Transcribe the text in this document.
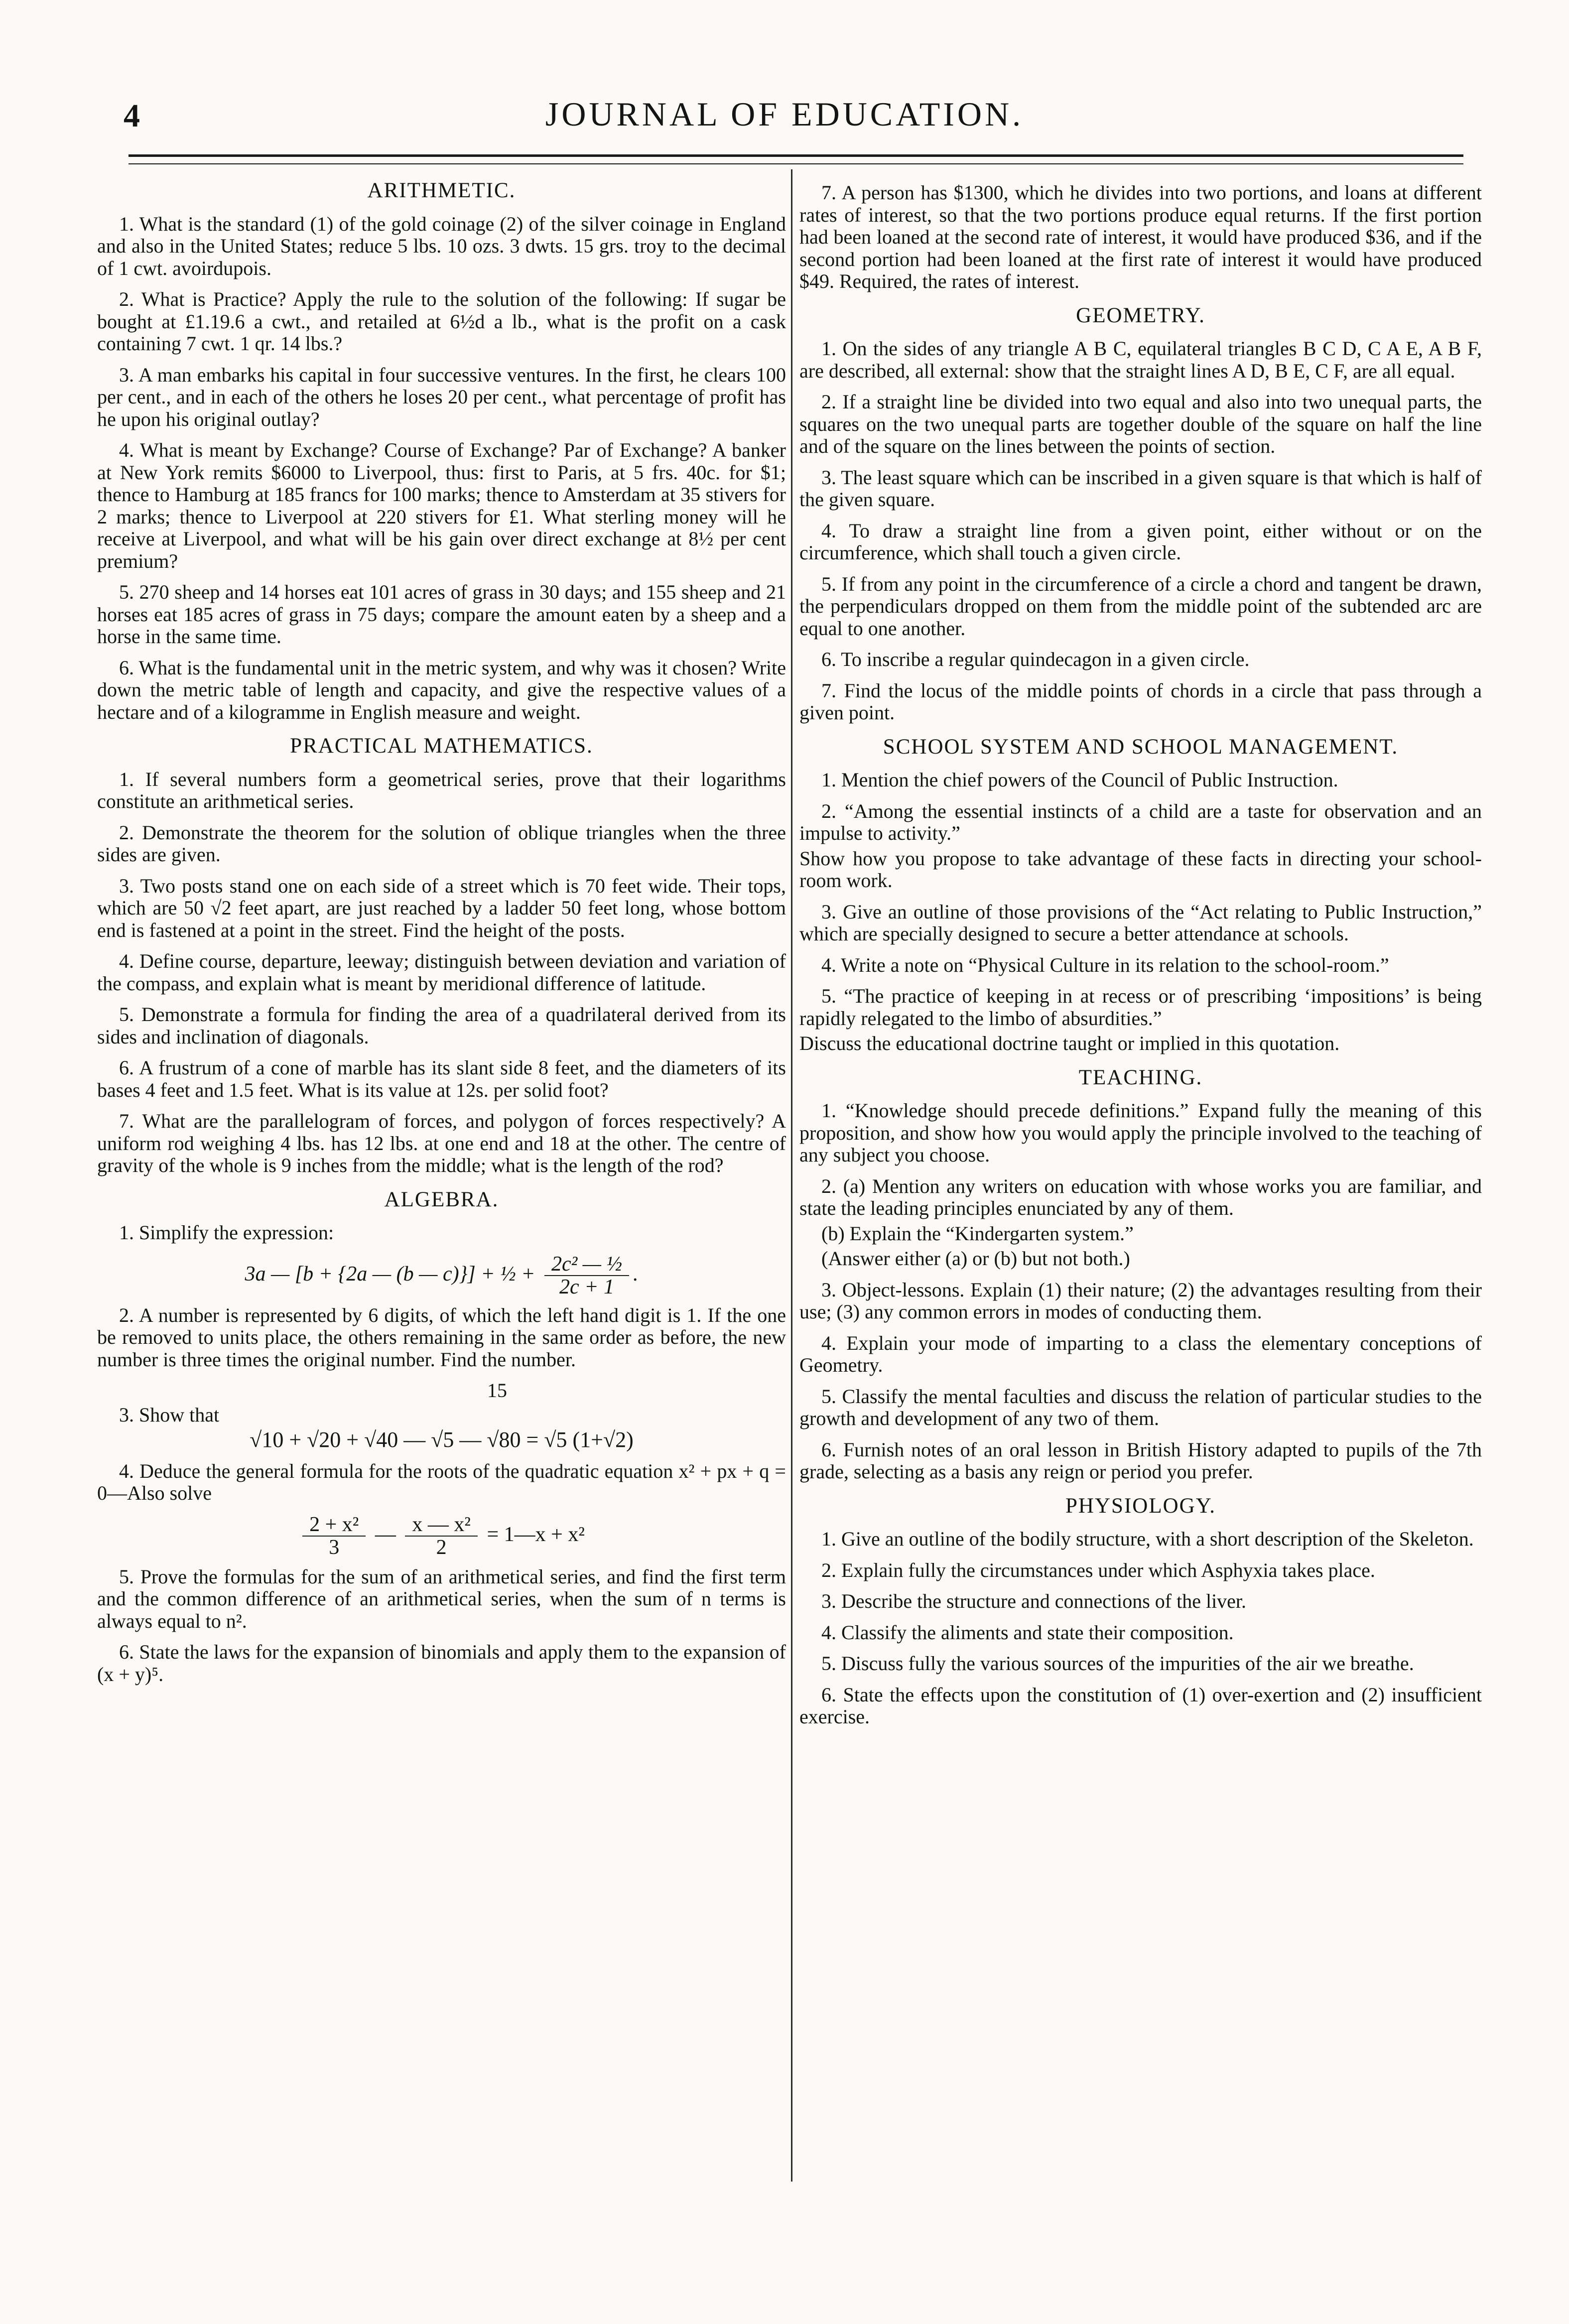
4	JOURNAL OF EDUCATION.
ARITHMETIC.

1. What is the standard (1) of the gold coinage (2) of the silver coinage in England and also in the United States; reduce 5 lbs. 10 ozs. 3 dwts. 15 grs. troy to the decimal of 1 cwt. avoirdupois.

2. What is Practice? Apply the rule to the solution of the following: If sugar be bought at £1.19.6 a cwt., and retailed at 6½d a lb., what is the profit on a cask containing 7 cwt. 1 qr. 14 lbs.?

3. A man embarks his capital in four successive ventures. In the first, he clears 100 per cent., and in each of the others he loses 20 per cent., what percentage of profit has he upon his original outlay?

4. What is meant by Exchange? Course of Exchange? Par of Exchange? A banker at New York remits $6000 to Liverpool, thus: first to Paris, at 5 frs. 40c. for $1; thence to Hamburg at 185 francs for 100 marks; thence to Amsterdam at 35 stivers for 2 marks; thence to Liverpool at 220 stivers for £1. What sterling money will he receive at Liverpool, and what will be his gain over direct exchange at 8½ per cent premium?

5. 270 sheep and 14 horses eat 101 acres of grass in 30 days; and 155 sheep and 21 horses eat 185 acres of grass in 75 days; compare the amount eaten by a sheep and a horse in the same time.

6. What is the fundamental unit in the metric system, and why was it chosen? Write down the metric table of length and capacity, and give the respective values of a hectare and of a kilogramme in English measure and weight.

PRACTICAL MATHEMATICS.

1. If several numbers form a geometrical series, prove that their logarithms constitute an arithmetical series.

2. Demonstrate the theorem for the solution of oblique triangles when the three sides are given.

3. Two posts stand one on each side of a street which is 70 feet wide. Their tops, which are 50 √2 feet apart, are just reached by a ladder 50 feet long, whose bottom end is fastened at a point in the street. Find the height of the posts.

4. Define course, departure, leeway; distinguish between deviation and variation of the compass, and explain what is meant by meridional difference of latitude.

5. Demonstrate a formula for finding the area of a quadrilateral derived from its sides and inclination of diagonals.

6. A frustrum of a cone of marble has its slant side 8 feet, and the diameters of its bases 4 feet and 1.5 feet. What is its value at 12s. per solid foot?

7. What are the parallelogram of forces, and polygon of forces respectively? A uniform rod weighing 4 lbs. has 12 lbs. at one end and 18 at the other. The centre of gravity of the whole is 9 inches from the middle; what is the length of the rod?

ALGEBRA.

1. Simplify the expression:

3a — [b + {2a — (b — c)}] + ½ + $\frac{\text{2c² — ½}}{2c + 1}$ .

2. A number is represented by 6 digits, of which the left hand digit is 1. If the one be removed to units place, the others remaining in the same order as before, the new number is three times the original number. Find the number.

15

3. Show that

√10 + √20 + √40 — √5 — √80 = √5 (1+√2)

4. Deduce the general formula for the roots of the quadratic equation x² + px + q = 0—Also solve

$\frac{\text{2 + x²}}{3}$ — $\frac{\text{x — x²}}{2}$ = 1—x + x²

5. Prove the formulas for the sum of an arithmetical series, and find the first term and the common difference of an arithmetical series, when the sum of n terms is always equal to n².

6. State the laws for the expansion of binomials and apply them to the expansion of (x + y)⁵.

7. A person has $1300, which he divides into two portions, and loans at different rates of interest, so that the two portions produce equal returns. If the first portion had been loaned at the second rate of interest, it would have produced $36, and if the second portion had been loaned at the first rate of interest it would have produced $49. Required, the rates of interest.

GEOMETRY.

1. On the sides of any triangle A B C, equilateral triangles B C D, C A E, A B F, are described, all external: show that the straight lines A D, B E, C F, are all equal.

2. If a straight line be divided into two equal and also into two unequal parts, the squares on the two unequal parts are together double of the square on half the line and of the square on the lines between the points of section.

3. The least square which can be inscribed in a given square is that which is half of the given square.

4. To draw a straight line from a given point, either without or on the circumference, which shall touch a given circle.

5. If from any point in the circumference of a circle a chord and tangent be drawn, the perpendiculars dropped on them from the middle point of the subtended arc are equal to one another.

6. To inscribe a regular quindecagon in a given circle.

7. Find the locus of the middle points of chords in a circle that pass through a given point.

SCHOOL SYSTEM AND SCHOOL MANAGEMENT.

1. Mention the chief powers of the Council of Public Instruction.

2. “Among the essential instincts of a child are a taste for observation and an impulse to activity.”

Show how you propose to take advantage of these facts in directing your school-room work.

3. Give an outline of those provisions of the “Act relating to Public Instruction,” which are specially designed to secure a better attendance at schools.

4. Write a note on “Physical Culture in its relation to the school-room.”

5. “The practice of keeping in at recess or of prescribing ‘impositions’ is being rapidly relegated to the limbo of absurdities.”

Discuss the educational doctrine taught or implied in this quotation.

TEACHING.

1. “Knowledge should precede definitions.” Expand fully the meaning of this proposition, and show how you would apply the principle involved to the teaching of any subject you choose.

2. (a) Mention any writers on education with whose works you are familiar, and state the leading principles enunciated by any of them.

(b) Explain the “Kindergarten system.”

(Answer either (a) or (b) but not both.)

3. Object-lessons. Explain (1) their nature; (2) the advantages resulting from their use; (3) any common errors in modes of conducting them.

4. Explain your mode of imparting to a class the elementary conceptions of Geometry.

5. Classify the mental faculties and discuss the relation of particular studies to the growth and development of any two of them.

6. Furnish notes of an oral lesson in British History adapted to pupils of the 7th grade, selecting as a basis any reign or period you prefer.

PHYSIOLOGY.

1. Give an outline of the bodily structure, with a short description of the Skeleton.

2. Explain fully the circumstances under which Asphyxia takes place.

3. Describe the structure and connections of the liver.

4. Classify the aliments and state their composition.

5. Discuss fully the various sources of the impurities of the air we breathe.

6. State the effects upon the constitution of (1) over-exertion and (2) insufficient exercise.
